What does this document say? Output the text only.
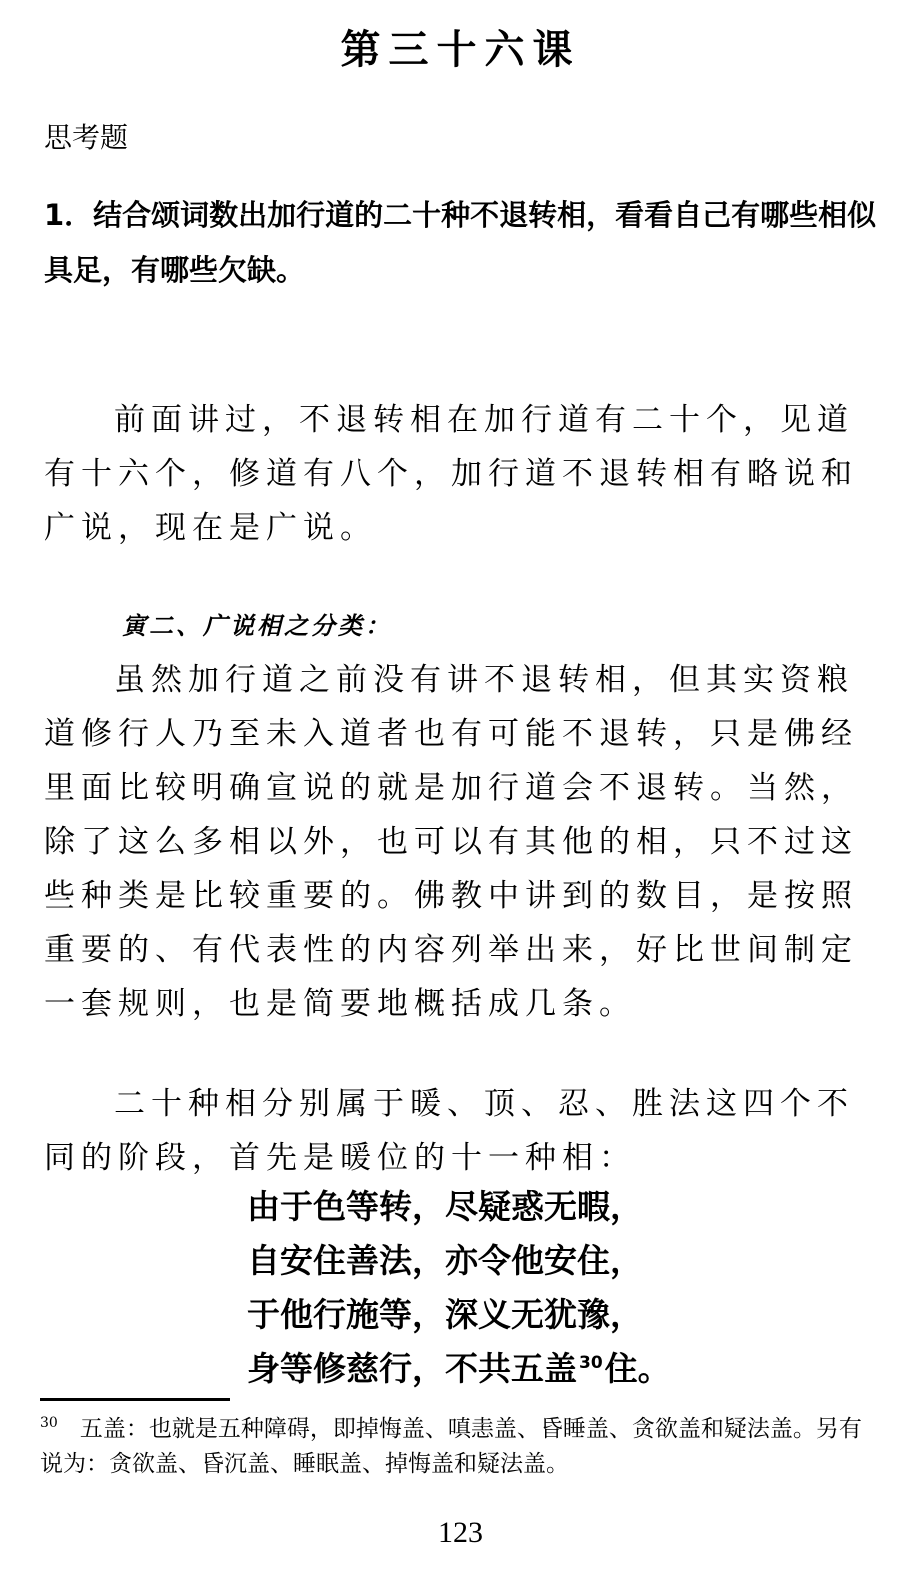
第三十六课
思考题
1．结合颂词数出加行道的二十种不退转相，看看自己有哪些相似具足，有哪些欠缺。
前面讲过，不退转相在加行道有二十个，见道有十六个，修道有八个，加行道不退转相有略说和广说，现在是广说。
寅二、广说相之分类：
虽然加行道之前没有讲不退转相，但其实资粮道修行人乃至未入道者也有可能不退转，只是佛经里面比较明确宣说的就是加行道会不退转。当然，除了这么多相以外，也可以有其他的相，只不过这些种类是比较重要的。佛教中讲到的数目，是按照重要的、有代表性的内容列举出来，好比世间制定一套规则，也是简要地概括成几条。
二十种相分别属于暖、顶、忍、胜法这四个不同的阶段，首先是暖位的十一种相：
由于色等转，尽疑惑无暇，
自安住善法，亦令他安住，
于他行施等，深义无犹豫，
身等修慈行，不共五盖 $^{30}$住。
$^{30}$ 五盖：也就是五种障碍，即掉悔盖、嗔恚盖、昏睡盖、贪欲盖和疑法盖。另有说为：贪欲盖、昏沉盖、睡眠盖、掉悔盖和疑法盖。
123
